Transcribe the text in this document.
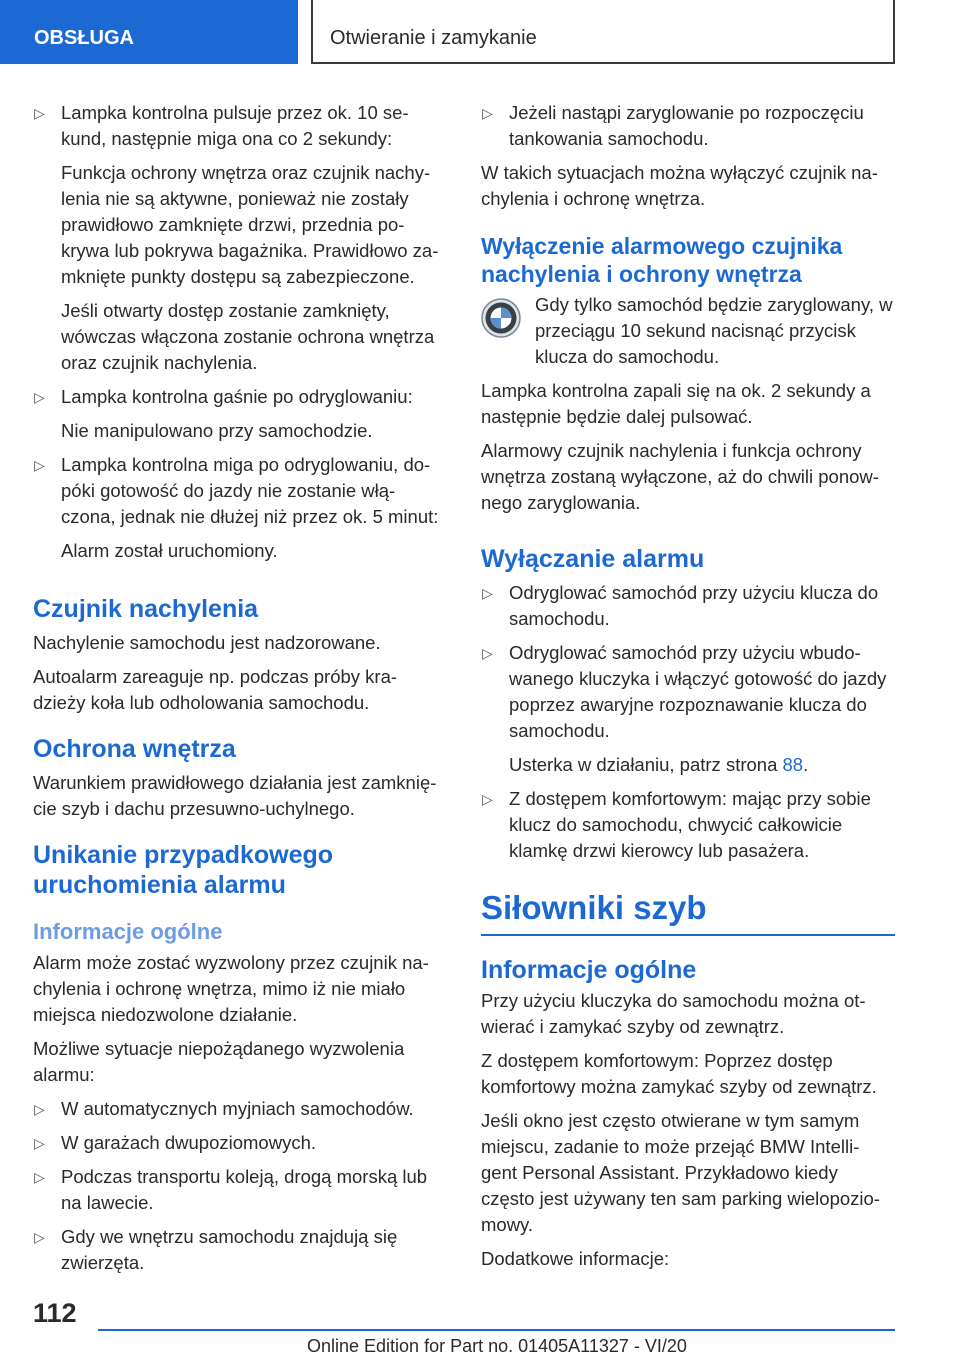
OBSŁUGA	Otwieranie i zamykanie
▷ Lampka kontrolna pulsuje przez ok. 10 se-kund, następnie miga ona co 2 sekundy:
Funkcja ochrony wnętrza oraz czujnik nachy-lenia nie są aktywne, ponieważ nie zostały prawidłowo zamknięte drzwi, przednia po-krywa lub pokrywa bagażnika. Prawidłowo za-mknięte punkty dostępu są zabezpieczone.
Jeśli otwarty dostęp zostanie zamknięty, wówczas włączona zostanie ochrona wnętrza oraz czujnik nachylenia.
▷ Lampka kontrolna gaśnie po odryglowaniu:
Nie manipulowano przy samochodzie.
▷ Lampka kontrolna miga po odryglowaniu, do-póki gotowość do jazdy nie zostanie włą-czona, jednak nie dłużej niż przez ok. 5 minut:
Alarm został uruchomiony.
Czujnik nachylenia
Nachylenie samochodu jest nadzorowane.
Autoalarm zareaguje np. podczas próby kra-dzieży koła lub odholowania samochodu.
Ochrona wnętrza
Warunkiem prawidłowego działania jest zamknię-cie szyb i dachu przesuwno-uchylnego.
Unikanie przypadkowego uruchomienia alarmu
Informacje ogólne
Alarm może zostać wyzwolony przez czujnik na-chylenia i ochronę wnętrza, mimo iż nie miało miejsca niedozwolone działanie.
Możliwe sytuacje niepożądanego wyzwolenia alarmu:
▷ W automatycznych myjniach samochodów.
▷ W garażach dwupoziomowych.
▷ Podczas transportu koleją, drogą morską lub na lawecie.
▷ Gdy we wnętrzu samochodu znajdują się zwierzęta.
▷ Jeżeli nastąpi zaryglowanie po rozpoczęciu tankowania samochodu.
W takich sytuacjach można wyłączyć czujnik na-chylenia i ochronę wnętrza.
Wyłączenie alarmowego czujnika nachylenia i ochrony wnętrza
Gdy tylko samochód będzie zaryglowany, w przeciągu 10 sekund nacisnąć przycisk klucza do samochodu.
Lampka kontrolna zapali się na ok. 2 sekundy a następnie będzie dalej pulsować.
Alarmowy czujnik nachylenia i funkcja ochrony wnętrza zostaną wyłączone, aż do chwili ponow-nego zaryglowania.
Wyłączanie alarmu
▷ Odryglować samochód przy użyciu klucza do samochodu.
▷ Odryglować samochód przy użyciu wbudo-wanego kluczyka i włączyć gotowość do jazdy poprzez awaryjne rozpoznawanie klucza do samochodu.
Usterka w działaniu, patrz strona 88.
▷ Z dostępem komfortowym: mając przy sobie klucz do samochodu, chwycić całkowicie klamkę drzwi kierowcy lub pasażera.
Siłowniki szyb
Informacje ogólne
Przy użyciu kluczyka do samochodu można ot-wierać i zamykać szyby od zewnątrz.
Z dostępem komfortowym: Poprzez dostęp komfortowy można zamykać szyby od zewnątrz.
Jeśli okno jest często otwierane w tym samym miejscu, zadanie to może przejąć BMW Intelli-gent Personal Assistant. Przykładowo kiedy często jest używany ten sam parking wielopozio-mowy.
Dodatkowe informacje:
112
Online Edition for Part no. 01405A11327 - VI/20
